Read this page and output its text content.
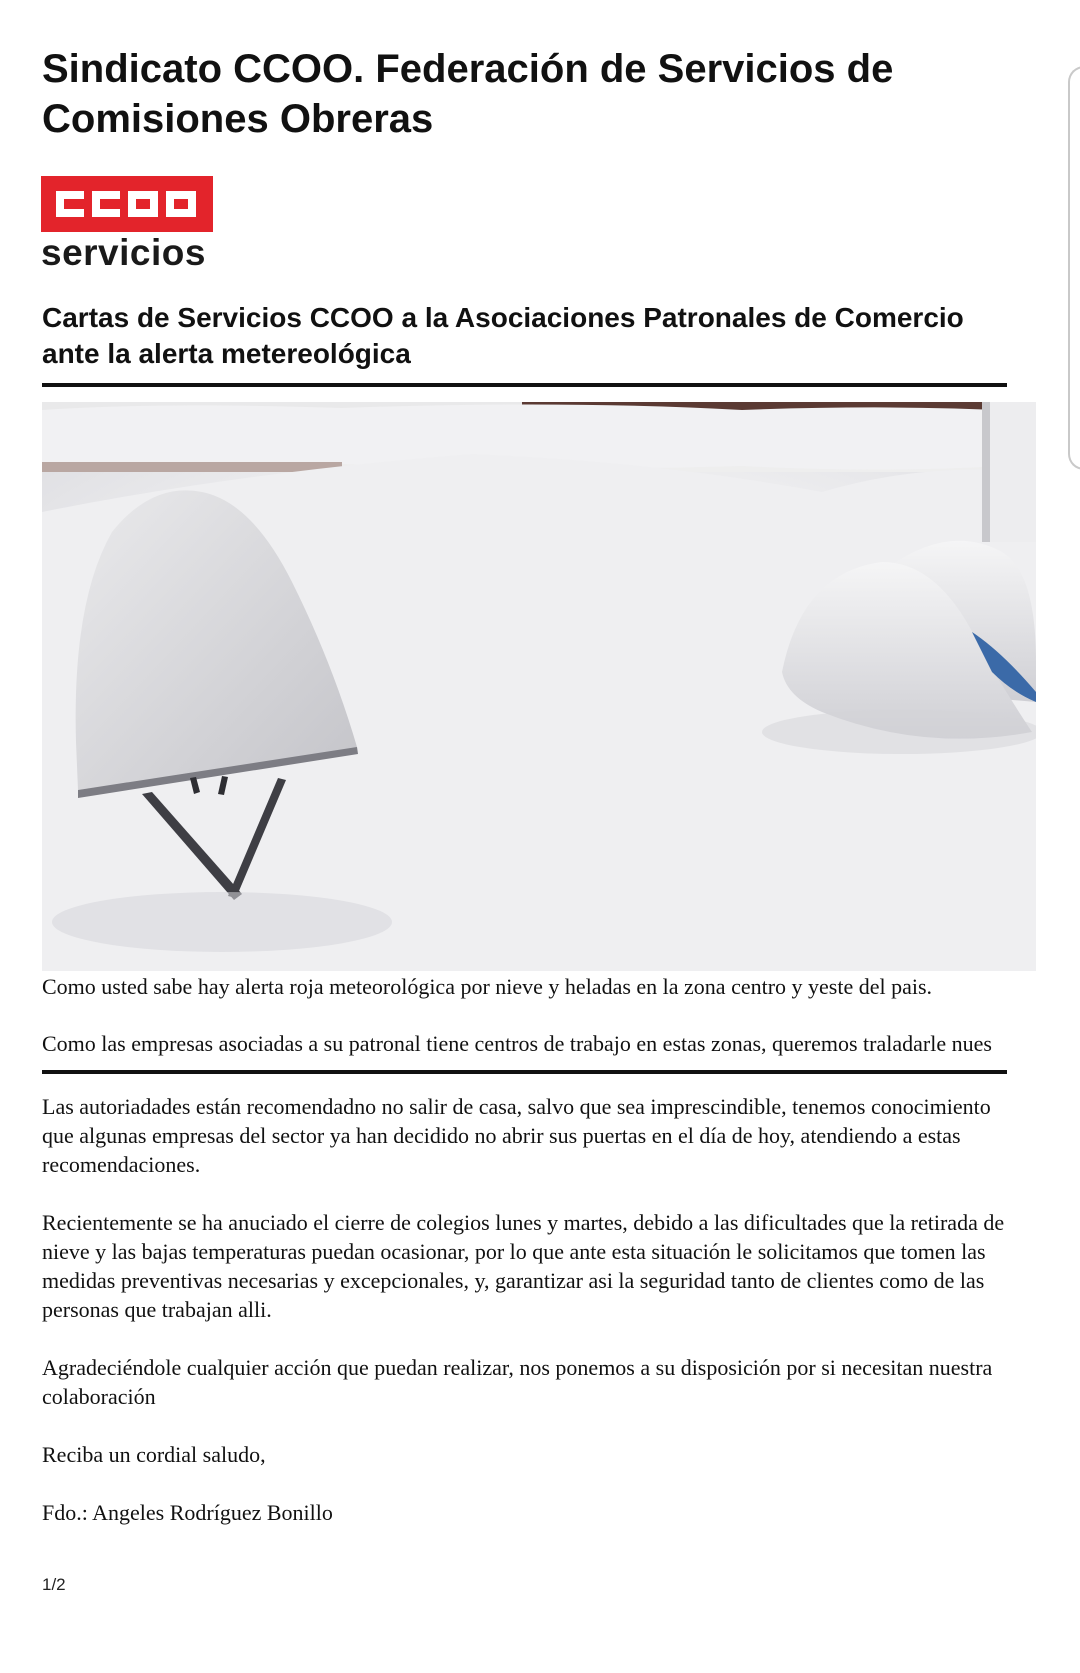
Sindicato CCOO. Federación de Servicios de Comisiones Obreras
servicios
Cartas de Servicios CCOO a la Asociaciones Patronales de Comercio ante la alerta metereológica

Como usted sabe hay alerta roja meteorológica por nieve y heladas en la zona centro y yeste del pais.

Como las empresas asociadas a su patronal tiene centros de trabajo en estas zonas, queremos traladarle nues

Las autoriadades están recomendadno no salir de casa, salvo que sea imprescindible, tenemos conocimiento que algunas empresas del sector ya han decidido no abrir sus puertas en el día de hoy, atendiendo a estas recomendaciones.

Recientemente se ha anuciado el cierre de colegios lunes y martes, debido a las dificultades que la retirada de nieve y las bajas temperaturas puedan ocasionar, por lo que ante esta situación le solicitamos que tomen las medidas preventivas necesarias y excepcionales, y, garantizar asi la seguridad tanto de clientes como de las personas que trabajan alli.

Agradeciéndole cualquier acción que puedan realizar, nos ponemos a su disposición por si necesitan nuestra colaboración

Reciba un cordial saludo,

Fdo.: Angeles Rodríguez Bonillo

1/2
